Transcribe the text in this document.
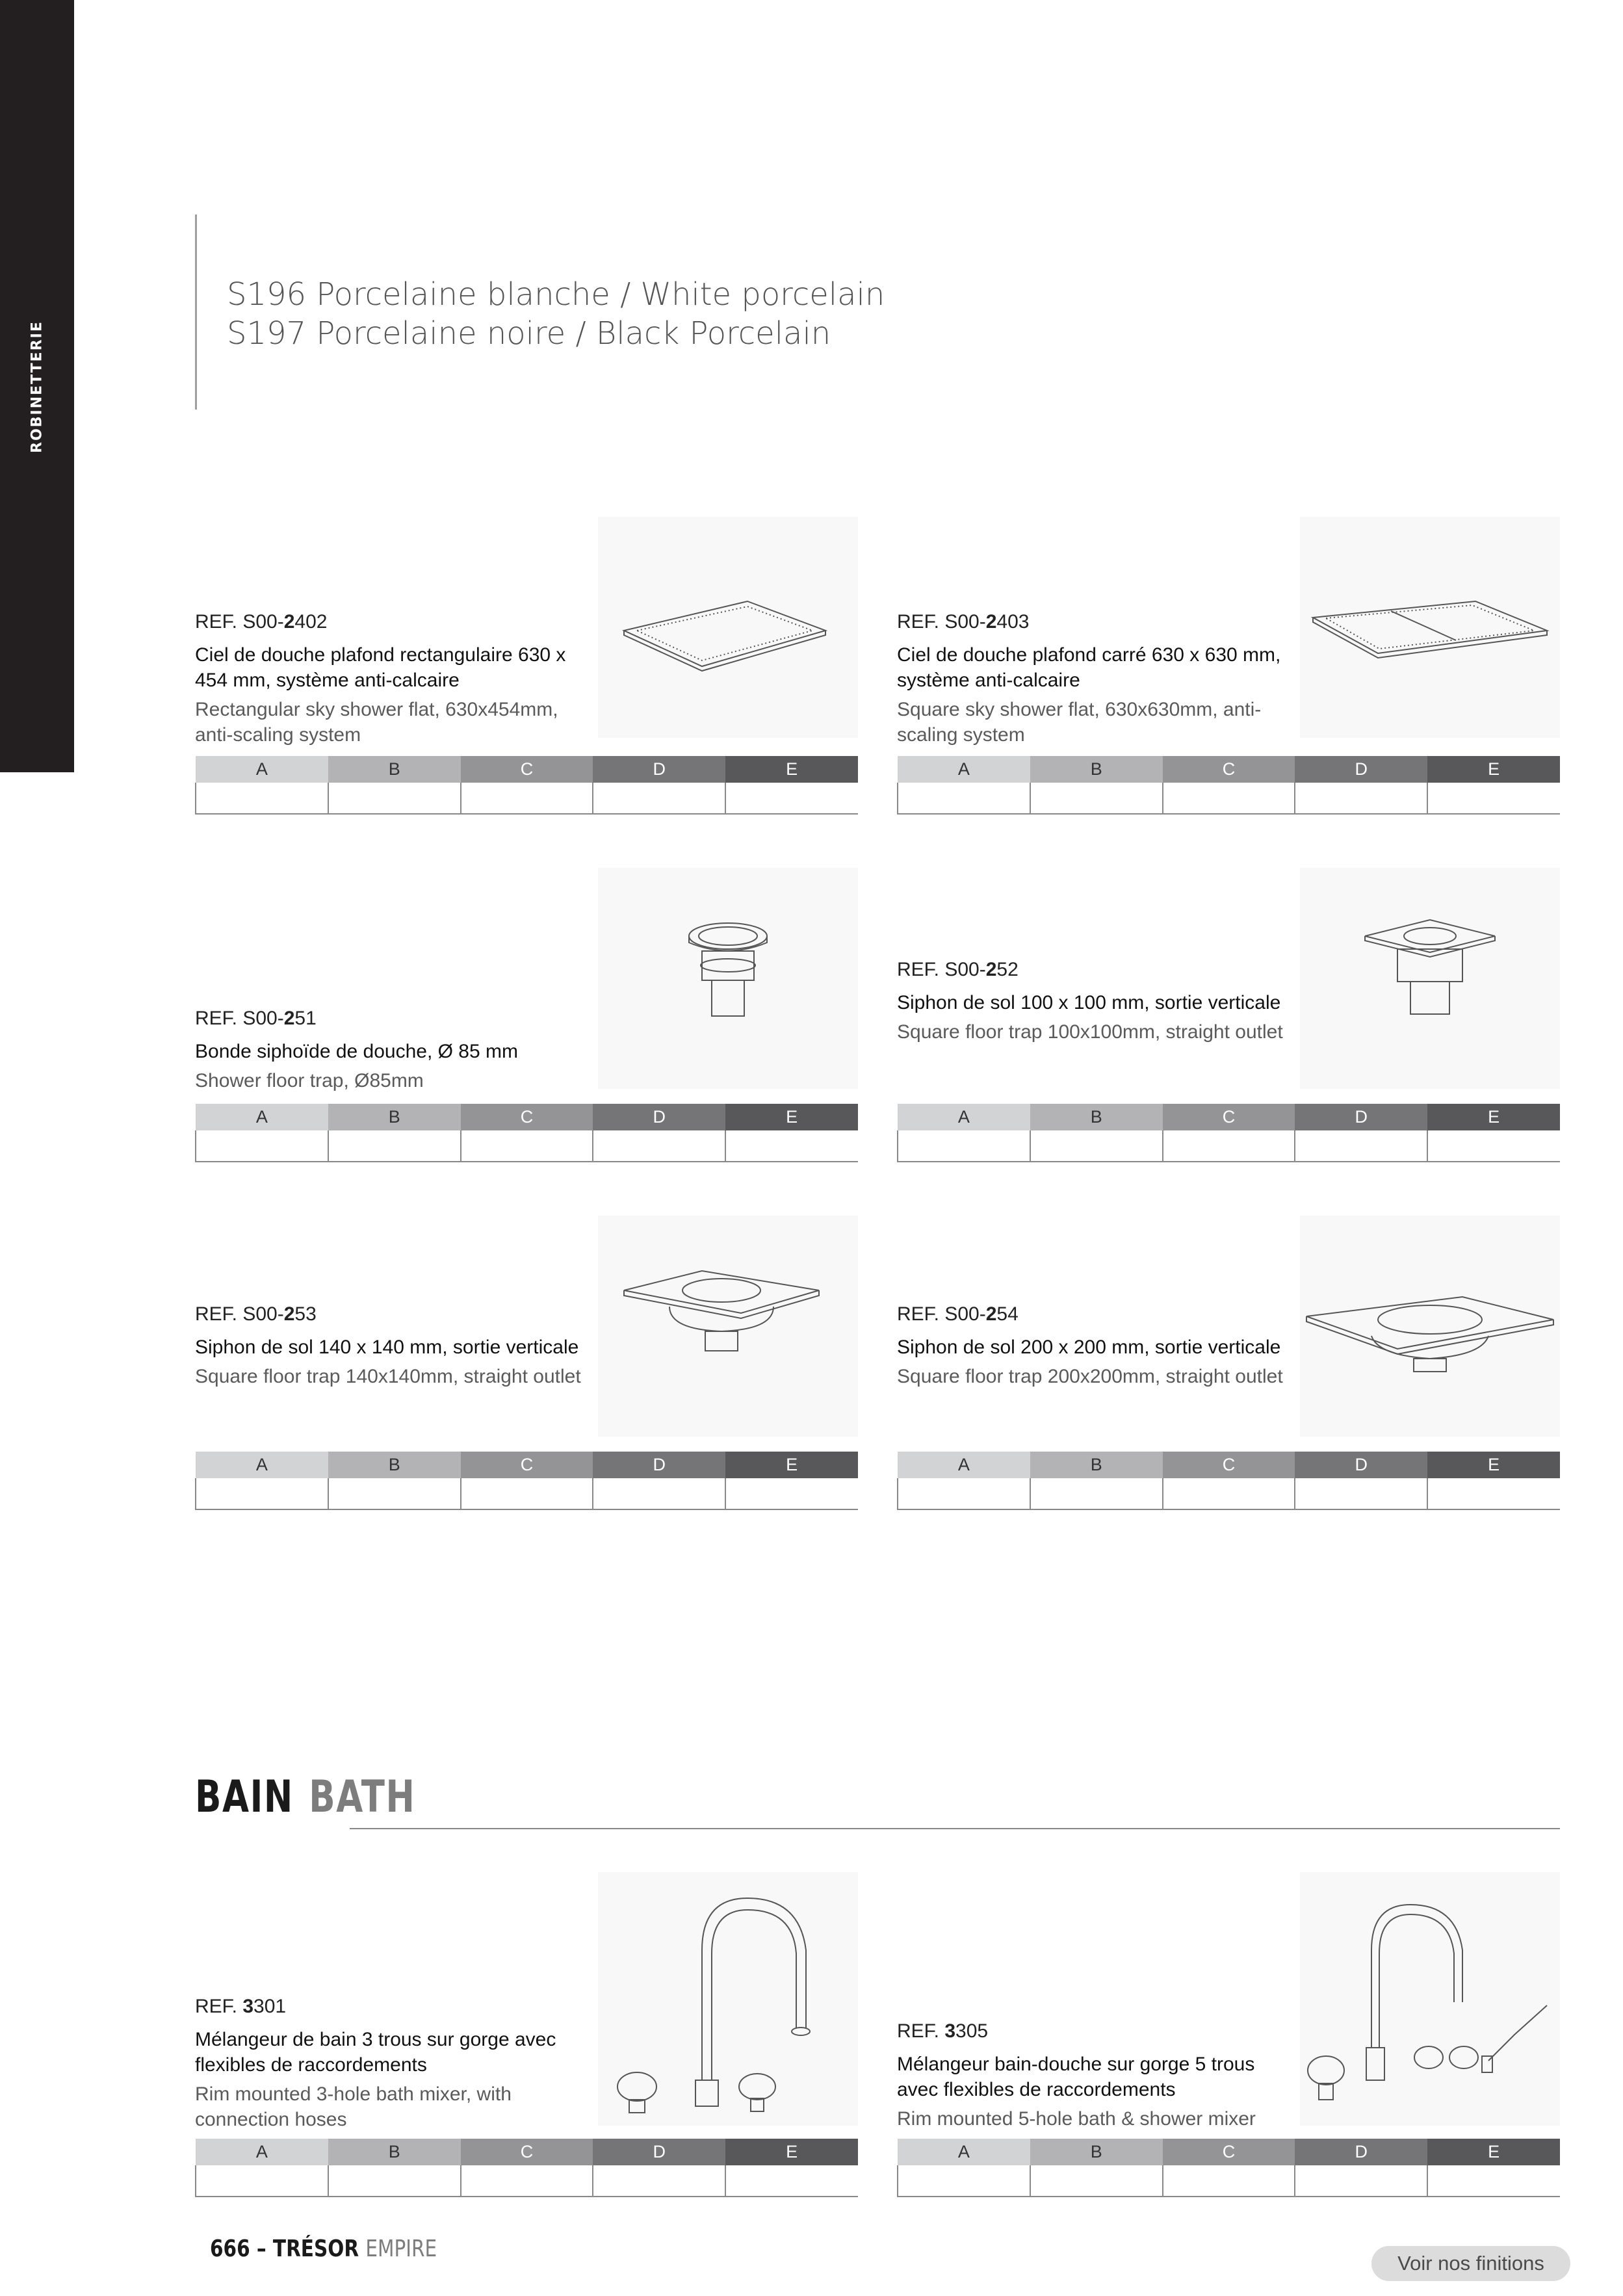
ROBINETTERIE
S196 Porcelaine blanche / White porcelain
S197 Porcelaine noire / Black Porcelain
REF. S00-2402
Ciel de douche plafond rectangulaire 630 x 454 mm, système anti-calcaire
Rectangular sky shower flat, 630x454mm, anti-scaling system
A	B	C	D	E

REF. S00-2403
Ciel de douche plafond carré 630 x 630 mm, système anti-calcaire
Square sky shower flat, 630x630mm, anti-scaling system
A	B	C	D	E

REF. S00-251
Bonde siphoïde de douche, Ø 85 mm
Shower floor trap, Ø85mm
A	B	C	D	E

REF. S00-252
Siphon de sol 100 x 100 mm, sortie verticale
Square floor trap 100x100mm, straight outlet
A	B	C	D	E

REF. S00-253
Siphon de sol 140 x 140 mm, sortie verticale
Square floor trap 140x140mm, straight outlet
A	B	C	D	E

REF. S00-254
Siphon de sol 200 x 200 mm, sortie verticale
Square floor trap 200x200mm, straight outlet
A	B	C	D	E

BAIN BATH
REF. 3301
Mélangeur de bain 3 trous sur gorge avec flexibles de raccordements
Rim mounted 3-hole bath mixer, with connection hoses
A	B	C	D	E

REF. 3305
Mélangeur bain-douche sur gorge 5 trous avec flexibles de raccordements
Rim mounted 5-hole bath & shower mixer
A	B	C	D	E

666 – TRÉSOR EMPIRE
Voir nos finitions
